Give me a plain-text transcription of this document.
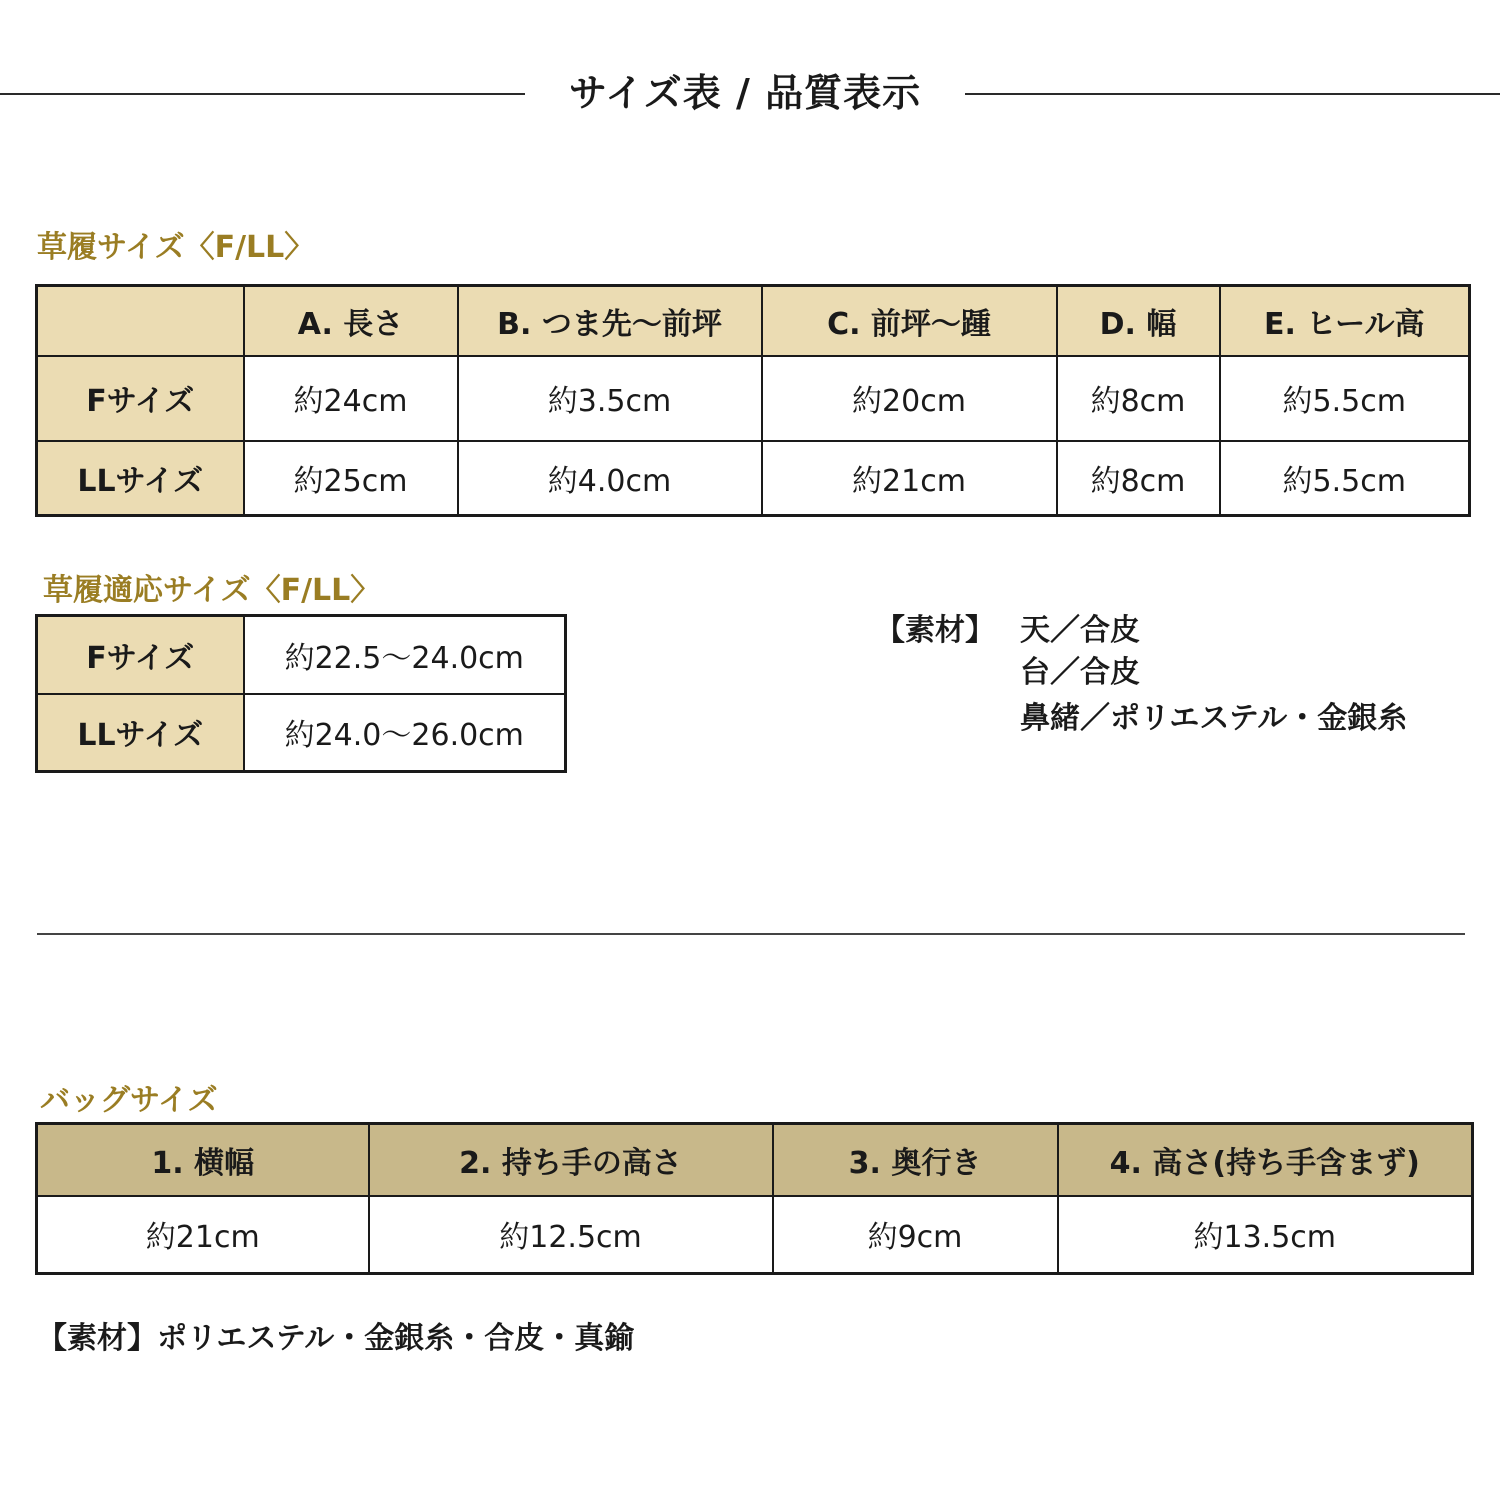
サイズ表 / 品質表示
草履サイズ〈F/LL〉
	A. 長さ	B. つま先〜前坪	C. 前坪〜踵	D. 幅	E. ヒール高
Fサイズ	約24cm	約3.5cm	約20cm	約8cm	約5.5cm
LLサイズ	約25cm	約4.0cm	約21cm	約8cm	約5.5cm
草履適応サイズ〈F/LL〉
Fサイズ	約22.5〜24.0cm
LLサイズ	約24.0〜26.0cm
【素材】 天／合皮
台／合皮
鼻緒／ポリエステル・金銀糸
バッグサイズ
1. 横幅	2. 持ち手の高さ	3. 奥行き	4. 高さ(持ち手含まず)
約21cm	約12.5cm	約9cm	約13.5cm
【素材】ポリエステル・金銀糸・合皮・真鍮
